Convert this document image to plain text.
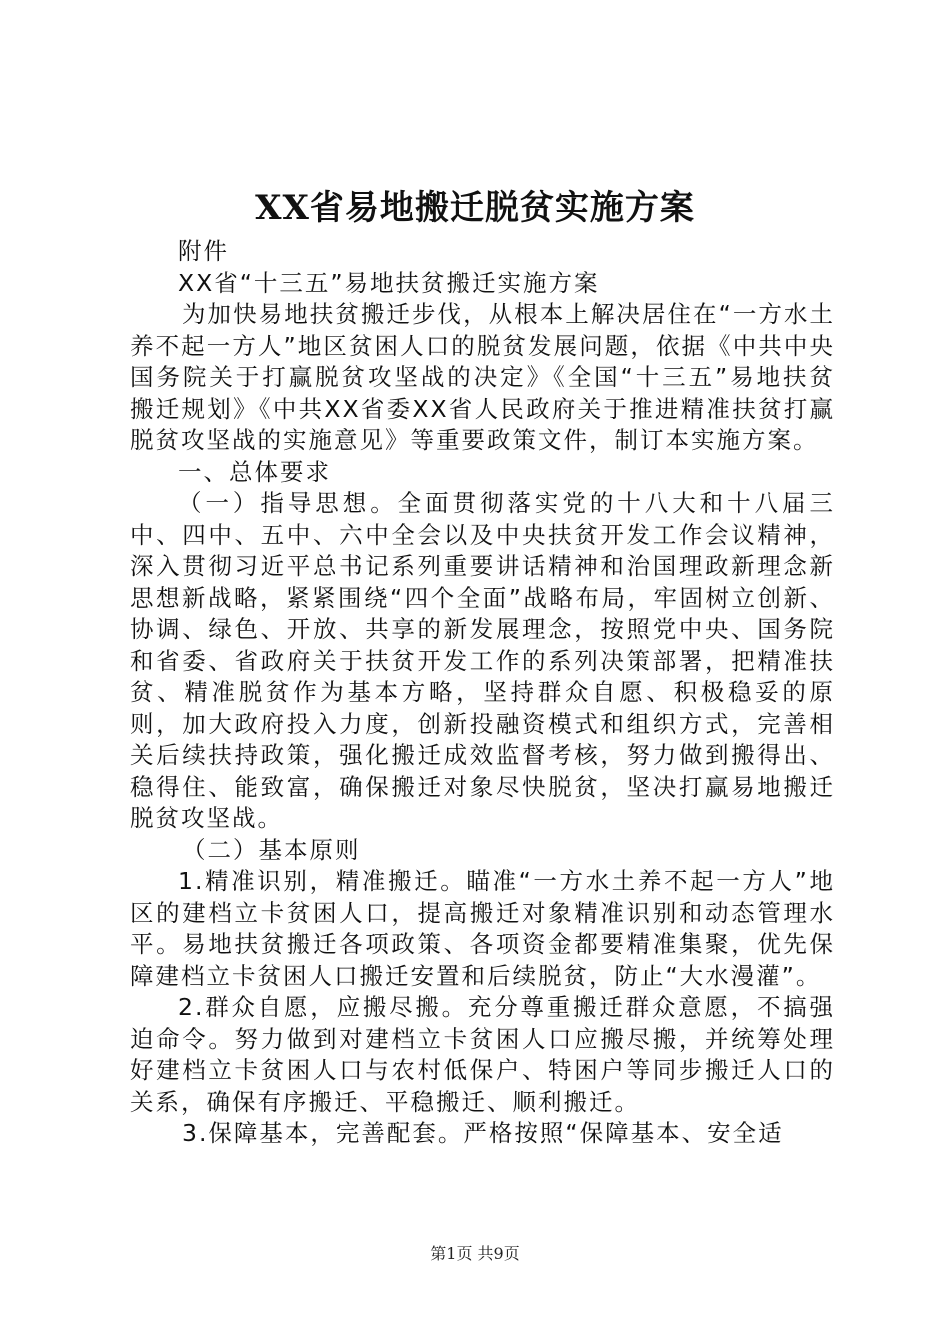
XX省易地搬迁脱贫实施方案

附件

XX省“十三五”易地扶贫搬迁实施方案

为加快易地扶贫搬迁步伐，从根本上解决居住在“一方水土养不起一方人”地区贫困人口的脱贫发展问题，依据《中共中央国务院关于打赢脱贫攻坚战的决定》《全国“十三五”易地扶贫搬迁规划》《中共XX省委XX省人民政府关于推进精准扶贫打赢脱贫攻坚战的实施意见》等重要政策文件，制订本实施方案。

一、总体要求

（一）指导思想。全面贯彻落实党的十八大和十八届三中、四中、五中、六中全会以及中央扶贫开发工作会议精神，深入贯彻习近平总书记系列重要讲话精神和治国理政新理念新思想新战略，紧紧围绕“四个全面”战略布局，牢固树立创新、协调、绿色、开放、共享的新发展理念，按照党中央、国务院和省委、省政府关于扶贫开发工作的系列决策部署，把精准扶贫、精准脱贫作为基本方略，坚持群众自愿、积极稳妥的原则，加大政府投入力度，创新投融资模式和组织方式，完善相关后续扶持政策，强化搬迁成效监督考核，努力做到搬得出、稳得住、能致富，确保搬迁对象尽快脱贫，坚决打赢易地搬迁脱贫攻坚战。

（二）基本原则

1.精准识别，精准搬迁。瞄准“一方水土养不起一方人”地区的建档立卡贫困人口，提高搬迁对象精准识别和动态管理水平。易地扶贫搬迁各项政策、各项资金都要精准集聚，优先保障建档立卡贫困人口搬迁安置和后续脱贫，防止“大水漫灌”。

2.群众自愿，应搬尽搬。充分尊重搬迁群众意愿，不搞强迫命令。努力做到对建档立卡贫困人口应搬尽搬，并统筹处理好建档立卡贫困人口与农村低保户、特困户等同步搬迁人口的关系，确保有序搬迁、平稳搬迁、顺利搬迁。

3.保障基本，完善配套。严格按照“保障基本、安全适

第1页 共9页
